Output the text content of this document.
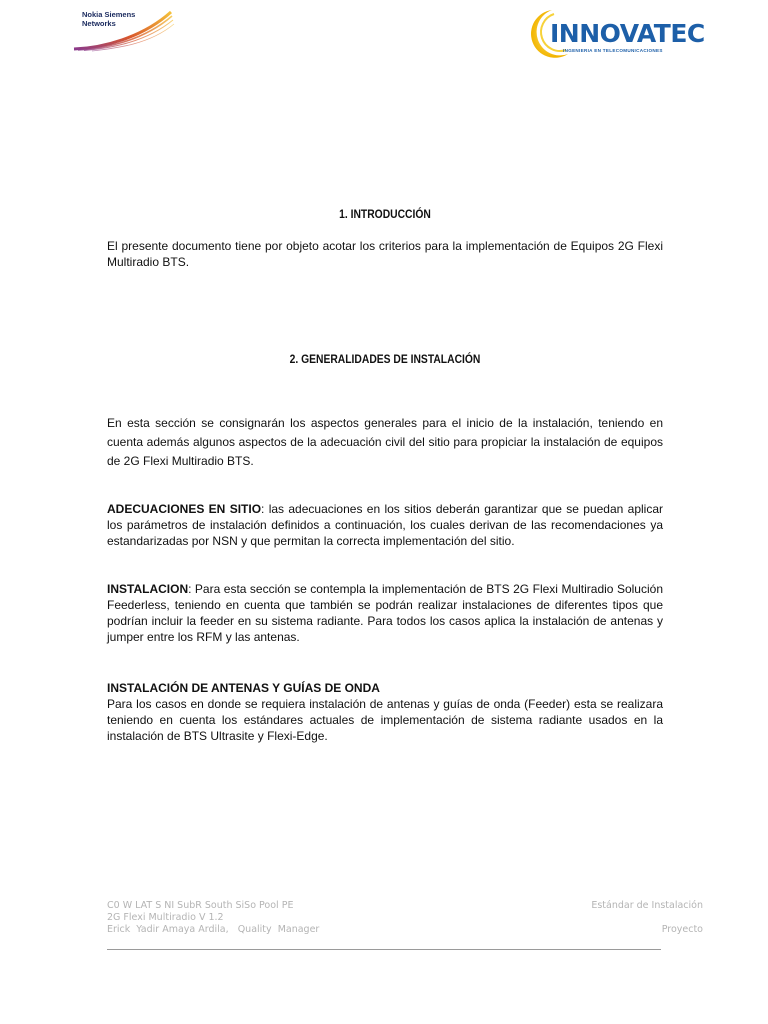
Nokia Siemens Networks	INNOVATEC
INGENIERIA EN TELECOMUNICACIONES
1. INTRODUCCIÓN
El presente documento tiene por objeto acotar los criterios para la implementación de Equipos 2G Flexi Multiradio BTS.
2. GENERALIDADES DE INSTALACIÓN
En esta sección se consignarán los aspectos generales para el inicio de la instalación, teniendo en cuenta además algunos aspectos de la adecuación civil del sitio para propiciar la instalación de equipos de 2G Flexi Multiradio BTS.
ADECUACIONES EN SITIO: las adecuaciones en los sitios deberán garantizar que se puedan aplicar los parámetros de instalación definidos a continuación, los cuales derivan de las recomendaciones ya estandarizadas por NSN y que permitan la correcta implementación del sitio.
INSTALACION: Para esta sección se contempla la implementación de BTS 2G Flexi Multiradio Solución Feederless, teniendo en cuenta que también se podrán realizar instalaciones de diferentes tipos que podrían incluir la feeder en su sistema radiante. Para todos los casos aplica la instalación de antenas y jumper entre los RFM y las antenas.
INSTALACIÓN DE ANTENAS Y GUÍAS DE ONDA
Para los casos en donde se requiera instalación de antenas y guías de onda (Feeder) esta se realizara teniendo en cuenta los estándares actuales de implementación de sistema radiante usados en la instalación de BTS Ultrasite y Flexi-Edge.
C0 W LAT S NI SubR South SiSo Pool PE
2G Flexi Multiradio V 1.2
Erick  Yadir Amaya Ardila,   Quality  Manager
Estándar de Instalación
Proyecto
